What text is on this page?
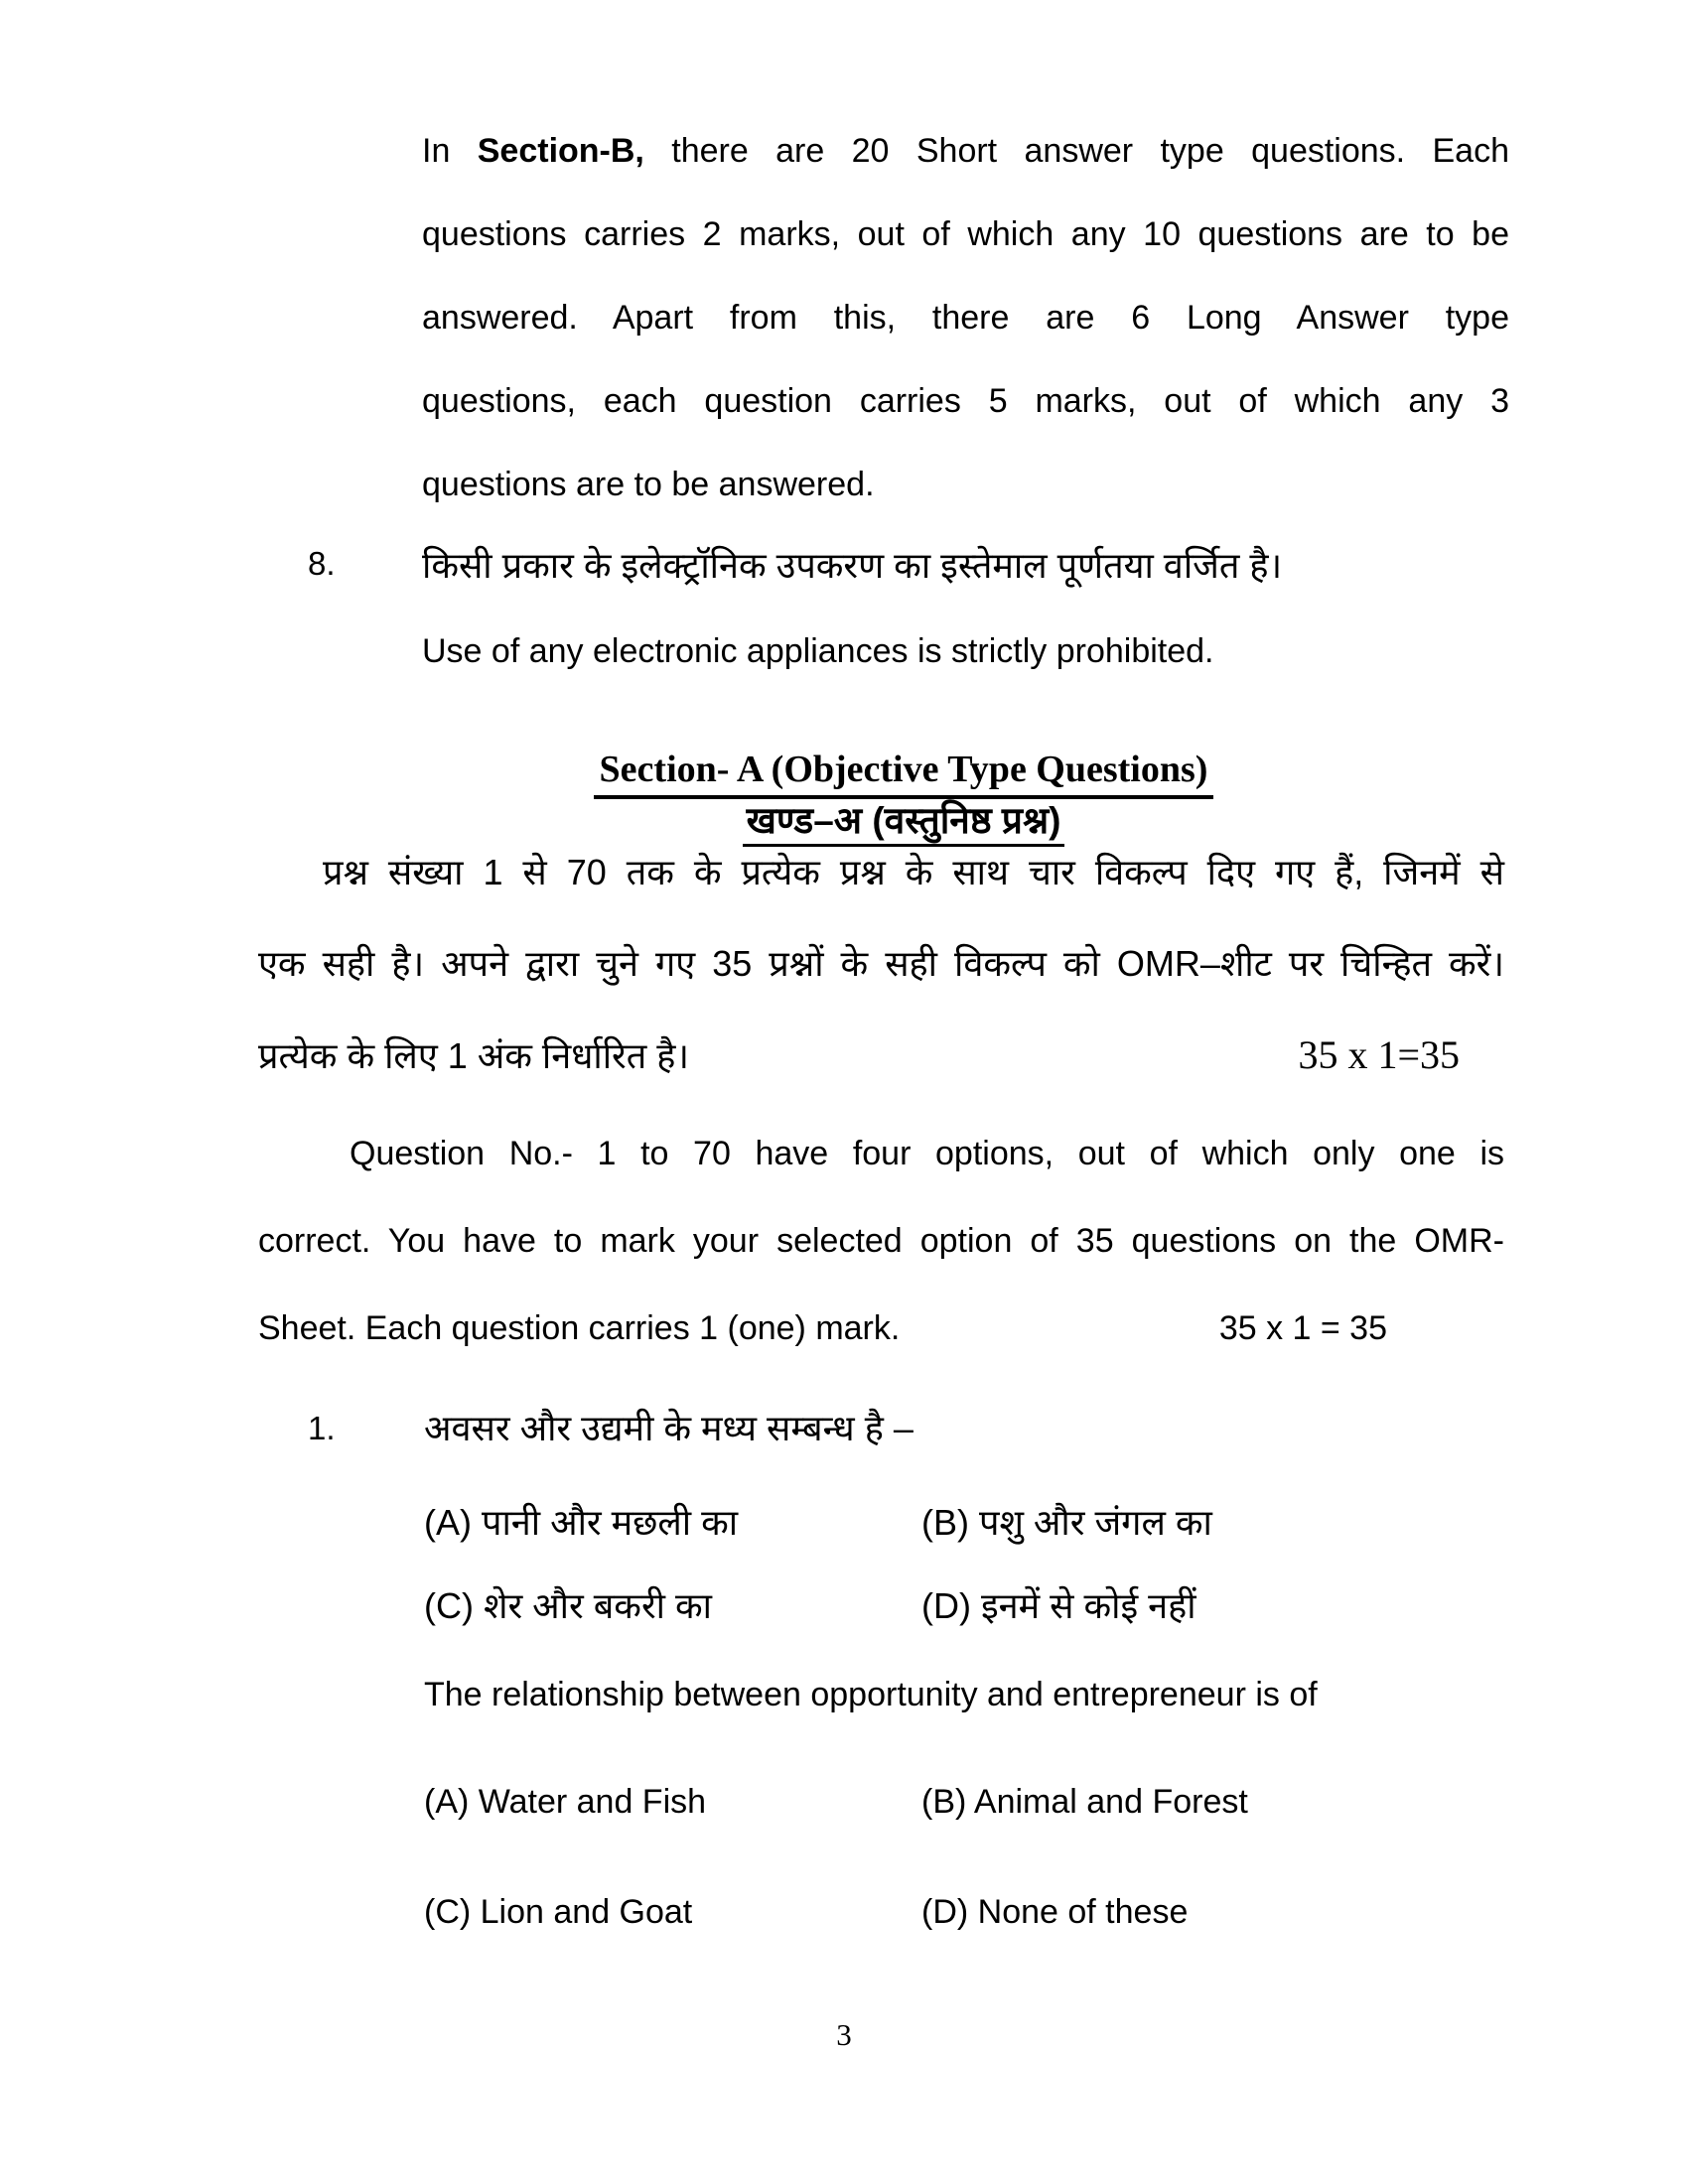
In Section-B, there are 20 Short answer type questions. Each
questions carries 2 marks, out of which any 10 questions are to be
answered. Apart from this, there are 6 Long Answer type
questions, each question carries 5 marks, out of which any 3
questions are to be answered.
8. किसी प्रकार के इलेक्ट्रॉनिक उपकरण का इस्तेमाल पूर्णतया वर्जित है।
Use of any electronic appliances is strictly prohibited.
Section- A (Objective Type Questions)
खण्ड–अ (वस्तुनिष्ठ प्रश्न)
प्रश्न संख्या 1 से 70 तक के प्रत्येक प्रश्न के साथ चार विकल्प दिए गए हैं, जिनमें से
एक सही है। अपने द्वारा चुने गए 35 प्रश्नों के सही विकल्प को OMR–शीट पर चिन्हित करें।
प्रत्येक के लिए 1 अंक निर्धारित है।	35 x 1=35
Question No.- 1 to 70 have four options, out of which only one is
correct. You have to mark your selected option of 35 questions on the OMR-
Sheet. Each question carries 1 (one) mark.	35 x 1 = 35
1. अवसर और उद्यमी के मध्य सम्बन्ध है –
(A) पानी और मछली का	(B) पशु और जंगल का
(C) शेर और बकरी का	(D) इनमें से कोई नहीं
The relationship between opportunity and entrepreneur is of
(A) Water and Fish	(B) Animal and Forest
(C) Lion and Goat	(D) None of these
3
